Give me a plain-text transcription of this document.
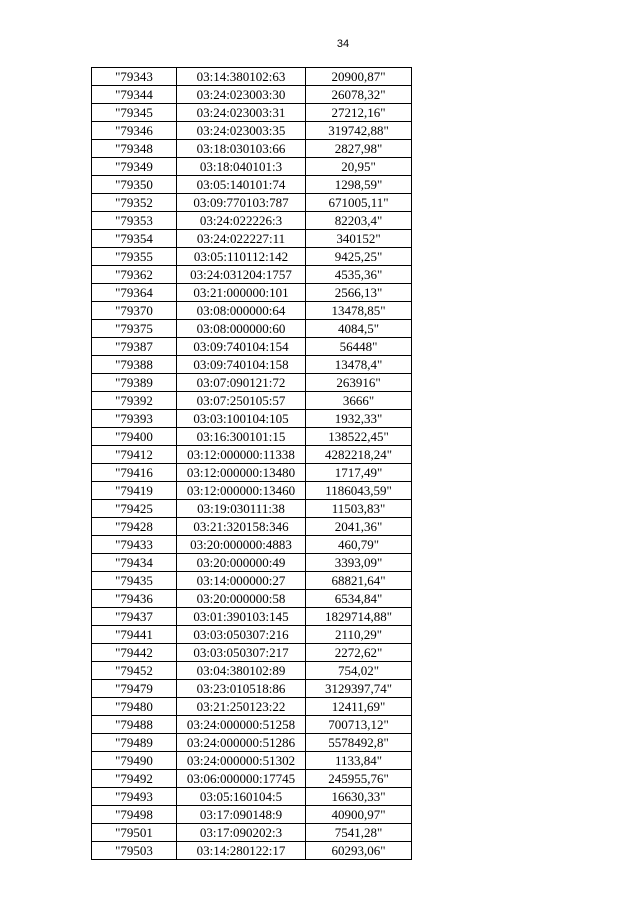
34
"79343	03:14:380102:63	20900,87"
"79344	03:24:023003:30	26078,32"
"79345	03:24:023003:31	27212,16"
"79346	03:24:023003:35	319742,88"
"79348	03:18:030103:66	2827,98"
"79349	03:18:040101:3	20,95"
"79350	03:05:140101:74	1298,59"
"79352	03:09:770103:787	671005,11"
"79353	03:24:022226:3	82203,4"
"79354	03:24:022227:11	340152"
"79355	03:05:110112:142	9425,25"
"79362	03:24:031204:1757	4535,36"
"79364	03:21:000000:101	2566,13"
"79370	03:08:000000:64	13478,85"
"79375	03:08:000000:60	4084,5"
"79387	03:09:740104:154	56448"
"79388	03:09:740104:158	13478,4"
"79389	03:07:090121:72	263916"
"79392	03:07:250105:57	3666"
"79393	03:03:100104:105	1932,33"
"79400	03:16:300101:15	138522,45"
"79412	03:12:000000:11338	4282218,24"
"79416	03:12:000000:13480	1717,49"
"79419	03:12:000000:13460	1186043,59"
"79425	03:19:030111:38	11503,83"
"79428	03:21:320158:346	2041,36"
"79433	03:20:000000:4883	460,79"
"79434	03:20:000000:49	3393,09"
"79435	03:14:000000:27	68821,64"
"79436	03:20:000000:58	6534,84"
"79437	03:01:390103:145	1829714,88"
"79441	03:03:050307:216	2110,29"
"79442	03:03:050307:217	2272,62"
"79452	03:04:380102:89	754,02"
"79479	03:23:010518:86	3129397,74"
"79480	03:21:250123:22	12411,69"
"79488	03:24:000000:51258	700713,12"
"79489	03:24:000000:51286	5578492,8"
"79490	03:24:000000:51302	1133,84"
"79492	03:06:000000:17745	245955,76"
"79493	03:05:160104:5	16630,33"
"79498	03:17:090148:9	40900,97"
"79501	03:17:090202:3	7541,28"
"79503	03:14:280122:17	60293,06"
